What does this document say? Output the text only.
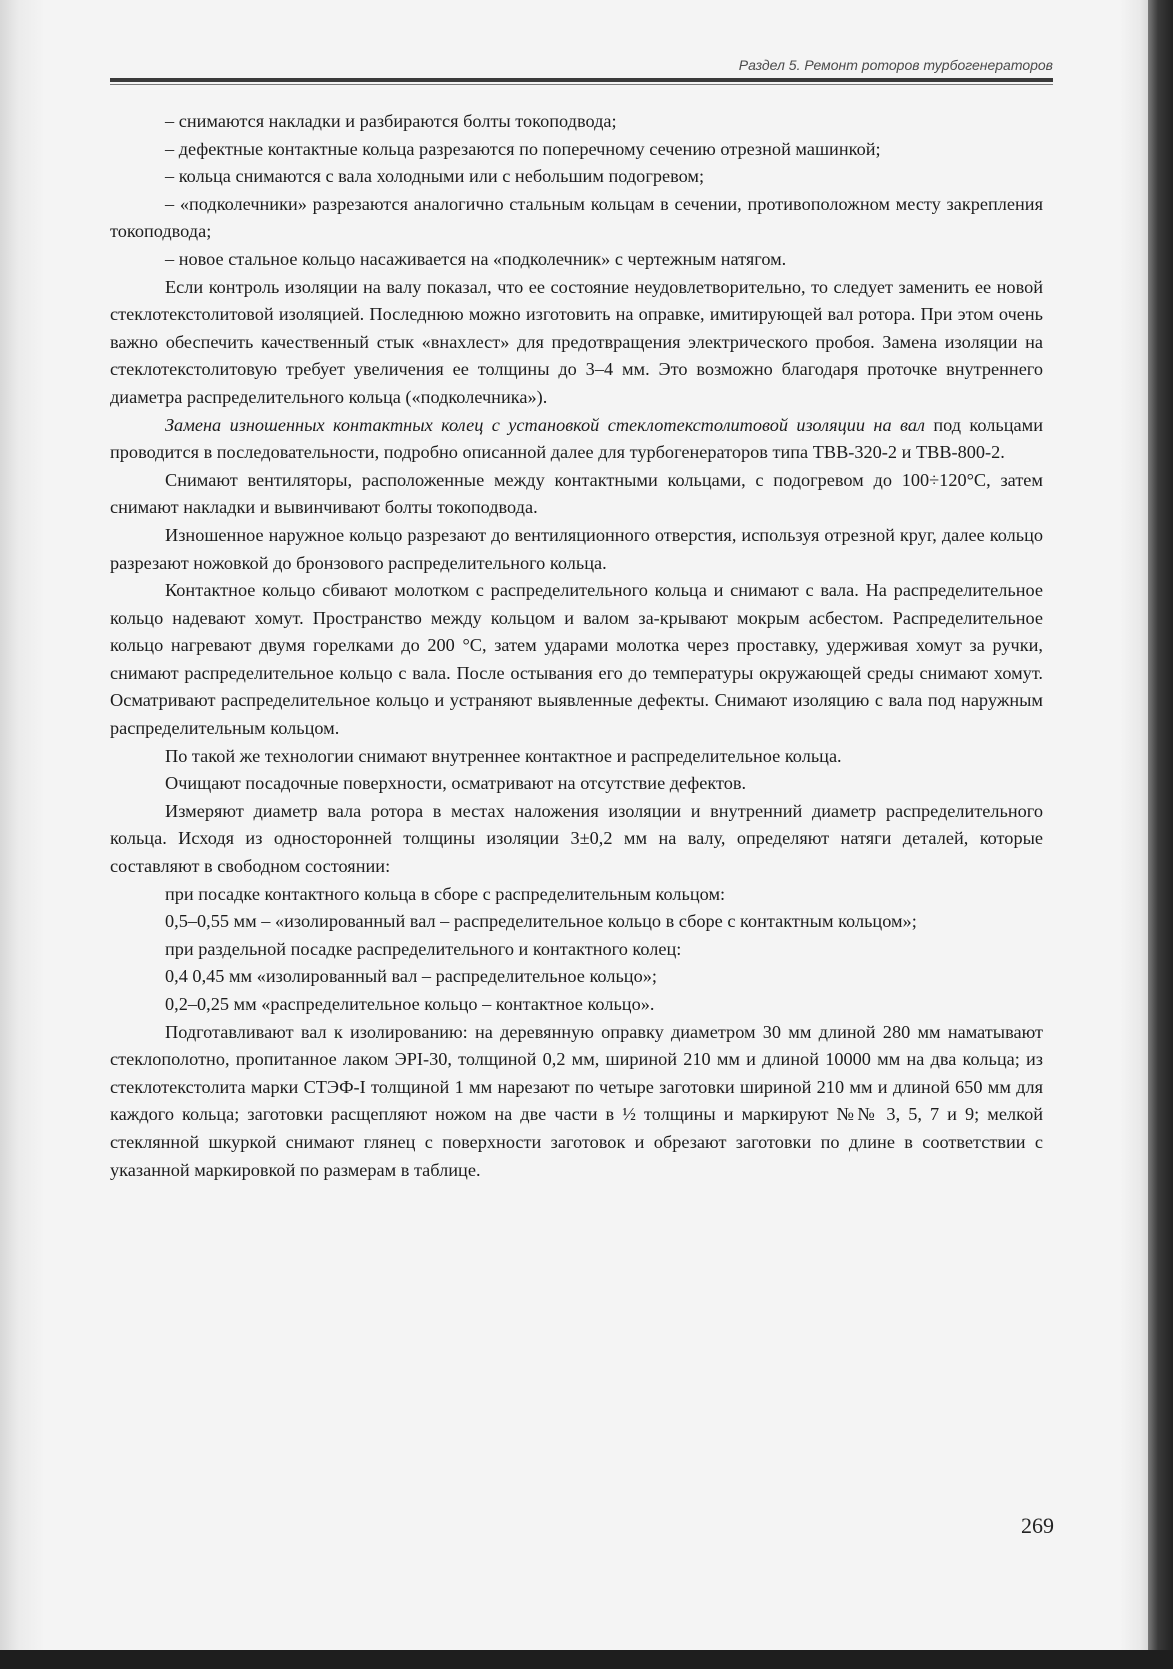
Раздел 5. Ремонт роторов турбогенераторов

– снимаются накладки и разбираются болты токоподвода;

– дефектные контактные кольца разрезаются по поперечному сечению отрезной машинкой;

– кольца снимаются с вала холодными или с небольшим подогревом;

– «подколечники» разрезаются аналогично стальным кольцам в сечении, противоположном месту закрепления токоподвода;

– новое стальное кольцо насаживается на «подколечник» с чертежным натягом.

Если контроль изоляции на валу показал, что ее состояние неудовлетворительно, то следует заменить ее новой стеклотекстолитовой изоляцией. Последнюю можно изготовить на оправке, имитирующей вал ротора. При этом очень важно обеспечить качественный стык «внахлест» для предотвращения электрического пробоя. Замена изоляции на стеклотекстолитовую требует увеличения ее толщины до 3–4 мм. Это возможно благодаря проточке внутреннего диаметра распределительного кольца («подколечника»).

Замена изношенных контактных колец с установкой стеклотекстолитовой изоляции на вал под кольцами проводится в последовательности, подробно описанной далее для турбогенераторов типа ТВВ-320-2 и ТВВ-800-2.

Снимают вентиляторы, расположенные между контактными кольцами, с подогревом до 100÷120°С, затем снимают накладки и вывинчивают болты токоподвода.

Изношенное наружное кольцо разрезают до вентиляционного отверстия, используя отрезной круг, далее кольцо разрезают ножовкой до бронзового распределительного кольца.

Контактное кольцо сбивают молотком с распределительного кольца и снимают с вала. На распределительное кольцо надевают хомут. Пространство между кольцом и валом за-крывают мокрым асбестом. Распределительное кольцо нагревают двумя горелками до 200 °С, затем ударами молотка через проставку, удерживая хомут за ручки, снимают распределительное кольцо с вала. После остывания его до температуры окружающей среды снимают хомут. Осматривают распределительное кольцо и устраняют выявленные дефекты. Снимают изоляцию с вала под наружным распределительным кольцом.

По такой же технологии снимают внутреннее контактное и распределительное кольца.

Очищают посадочные поверхности, осматривают на отсутствие дефектов.

Измеряют диаметр вала ротора в местах наложения изоляции и внутренний диаметр распределительного кольца. Исходя из односторонней толщины изоляции 3±0,2 мм на валу, определяют натяги деталей, которые составляют в свободном состоянии:

при посадке контактного кольца в сборе с распределительным кольцом:

0,5–0,55 мм – «изолированный вал – распределительное кольцо в сборе с контактным кольцом»;

при раздельной посадке распределительного и контактного колец:

0,4 0,45 мм «изолированный вал – распределительное кольцо»;

0,2–0,25 мм «распределительное кольцо – контактное кольцо».

Подготавливают вал к изолированию: на деревянную оправку диаметром 30 мм длиной 280 мм наматывают стеклополотно, пропитанное лаком ЭРІ-30, толщиной 0,2 мм, шириной 210 мм и длиной 10000 мм на два кольца; из стеклотекстолита марки СТЭФ-І толщиной 1 мм нарезают по четыре заготовки шириной 210 мм и длиной 650 мм для каждого кольца; заготовки расщепляют ножом на две части в ½ толщины и маркируют №№ 3, 5, 7 и 9; мелкой стеклянной шкуркой снимают глянец с поверхности заготовок и обрезают заготовки по длине в соответствии с указанной маркировкой по размерам в таблице.

269
